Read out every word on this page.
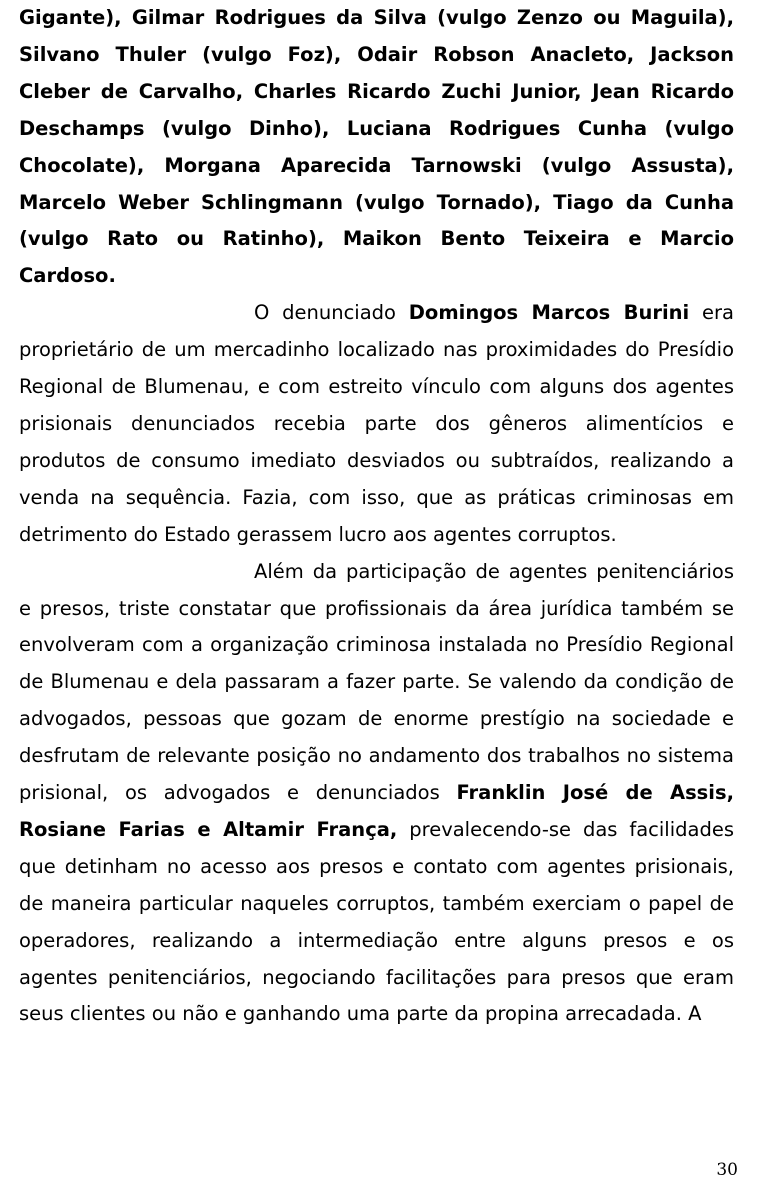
Gigante), Gilmar Rodrigues da Silva (vulgo Zenzo ou Maguila), Silvano Thuler (vulgo Foz), Odair Robson Anacleto, Jackson Cleber de Carvalho, Charles Ricardo Zuchi Junior, Jean Ricardo Deschamps (vulgo Dinho), Luciana Rodrigues Cunha (vulgo Chocolate), Morgana Aparecida Tarnowski (vulgo Assusta), Marcelo Weber Schlingmann (vulgo Tornado), Tiago da Cunha (vulgo Rato ou Ratinho), Maikon Bento Teixeira e Marcio Cardoso.

O denunciado Domingos Marcos Burini era proprietário de um mercadinho localizado nas proximidades do Presídio Regional de Blumenau, e com estreito vínculo com alguns dos agentes prisionais denunciados recebia parte dos gêneros alimentícios e produtos de consumo imediato desviados ou subtraídos, realizando a venda na sequência. Fazia, com isso, que as práticas criminosas em detrimento do Estado gerassem lucro aos agentes corruptos.

Além da participação de agentes penitenciários e presos, triste constatar que profissionais da área jurídica também se envolveram com a organização criminosa instalada no Presídio Regional de Blumenau e dela passaram a fazer parte. Se valendo da condição de advogados, pessoas que gozam de enorme prestígio na sociedade e desfrutam de relevante posição no andamento dos trabalhos no sistema prisional, os advogados e denunciados Franklin José de Assis, Rosiane Farias e Altamir França, prevalecendo-se das facilidades que detinham no acesso aos presos e contato com agentes prisionais, de maneira particular naqueles corruptos, também exerciam o papel de operadores, realizando a intermediação entre alguns presos e os agentes penitenciários, negociando facilitações para presos que eram seus clientes ou não e ganhando uma parte da propina arrecadada. A

30
